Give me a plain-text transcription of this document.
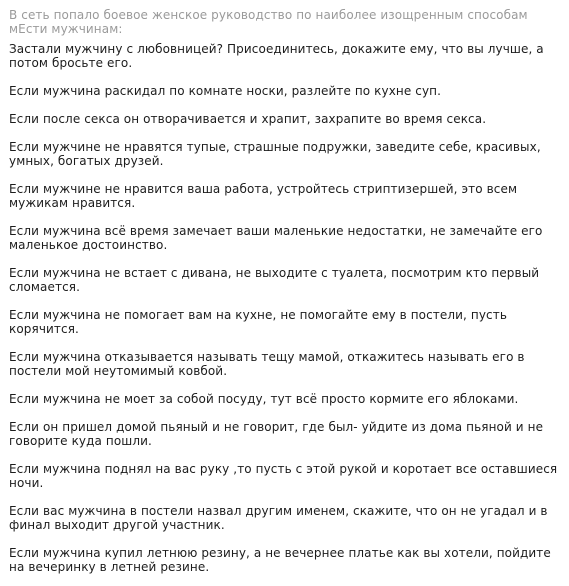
В сеть попало боевое женское руководство по наиболее изощренным способам мЕсти мужчинам:
Застали мужчину с любовницей? Присоединитесь, докажите ему, что вы лучше, а потом бросьте его.
Если мужчина раскидал по комнате носки, разлейте по кухне суп.
Если после секса он отворачивается и храпит, захрапите во время секса.
Если мужчине не нравятся тупые, страшные подружки, заведите себе, красивых, умных, богатых друзей.
Если мужчине не нравится ваша работа, устройтесь стриптизершей, это всем мужикам нравится.
Если мужчина всё время замечает ваши маленькие недостатки, не замечайте его маленькое достоинство.
Если мужчина не встает с дивана, не выходите с туалета, посмотрим кто первый сломается.
Если мужчина не помогает вам на кухне, не помогайте ему в постели, пусть корячится.
Если мужчина отказывается называть тещу мамой, откажитесь называть его в постели мой неутомимый ковбой.
Если мужчина не моет за собой посуду, тут всё просто кормите его яблоками.
Если он пришел домой пьяный и не говорит, где был- уйдите из дома пьяной и не говорите куда пошли.
Если мужчина поднял на вас руку ,то пусть с этой рукой и коротает все оставшиеся ночи.
Если вас мужчина в постели назвал другим именем, скажите, что он не угадал и в финал выходит другой участник.
Если мужчина купил летнюю резину, а не вечернее платье как вы хотели, пойдите на вечеринку в летней резине.
